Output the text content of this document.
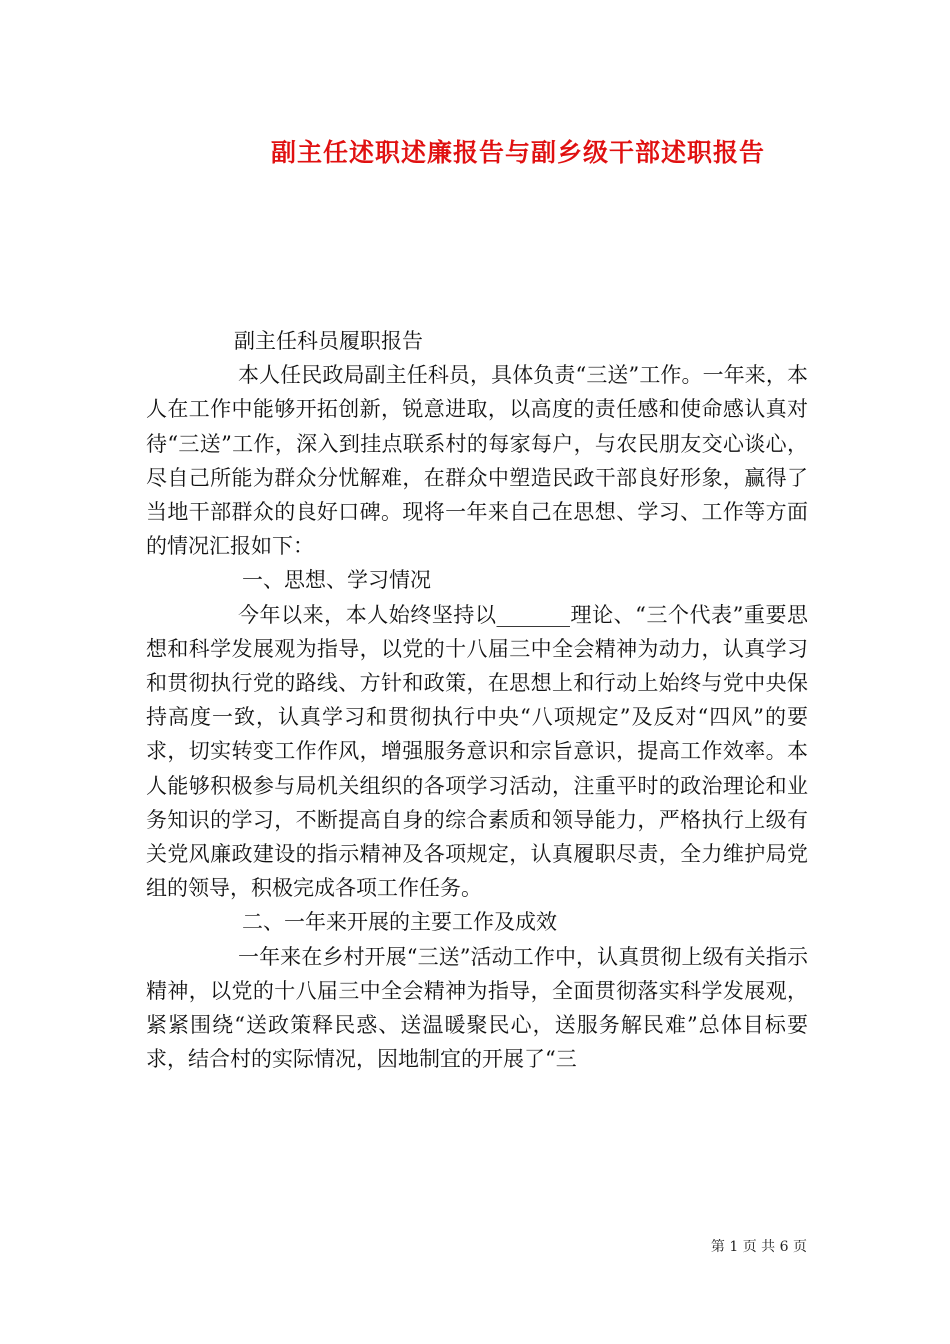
副主任述职述廉报告与副乡级干部述职报告

副主任科员履职报告

本人任民政局副主任科员，具体负责“三送”工作。一年来，本人在工作中能够开拓创新，锐意进取，以高度的责任感和使命感认真对待“三送”工作，深入到挂点联系村的每家每户，与农民朋友交心谈心，尽自己所能为群众分忧解难，在群众中塑造民政干部良好形象，赢得了当地干部群众的良好口碑。现将一年来自己在思想、学习、工作等方面的情况汇报如下：

一、思想、学习情况

今年以来，本人始终坚持以_______理论、“三个代表”重要思想和科学发展观为指导，以党的十八届三中全会精神为动力，认真学习和贯彻执行党的路线、方针和政策，在思想上和行动上始终与党中央保持高度一致，认真学习和贯彻执行中央“八项规定”及反对“四风”的要求，切实转变工作作风，增强服务意识和宗旨意识，提高工作效率。本人能够积极参与局机关组织的各项学习活动，注重平时的政治理论和业务知识的学习，不断提高自身的综合素质和领导能力，严格执行上级有关党风廉政建设的指示精神及各项规定，认真履职尽责，全力维护局党组的领导，积极完成各项工作任务。

二、一年来开展的主要工作及成效

一年来在乡村开展“三送”活动工作中，认真贯彻上级有关指示精神，以党的十八届三中全会精神为指导，全面贯彻落实科学发展观，紧紧围绕“送政策释民惑、送温暖聚民心，送服务解民难”总体目标要求，结合村的实际情况，因地制宜的开展了“三

第 1 页 共 6 页
